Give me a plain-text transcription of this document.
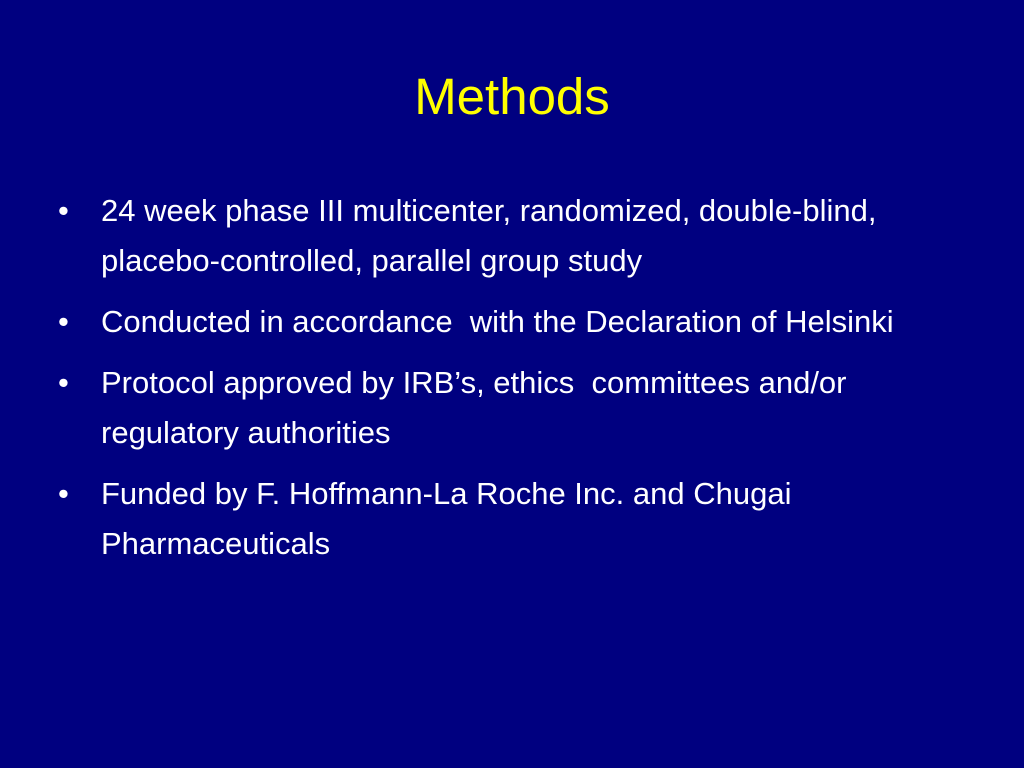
Methods
• 24 week phase III multicenter, randomized, double-blind, placebo-controlled, parallel group study
• Conducted in accordance  with the Declaration of Helsinki
• Protocol approved by IRB’s, ethics  committees and/or regulatory authorities
• Funded by F. Hoffmann-La Roche Inc. and Chugai Pharmaceuticals
